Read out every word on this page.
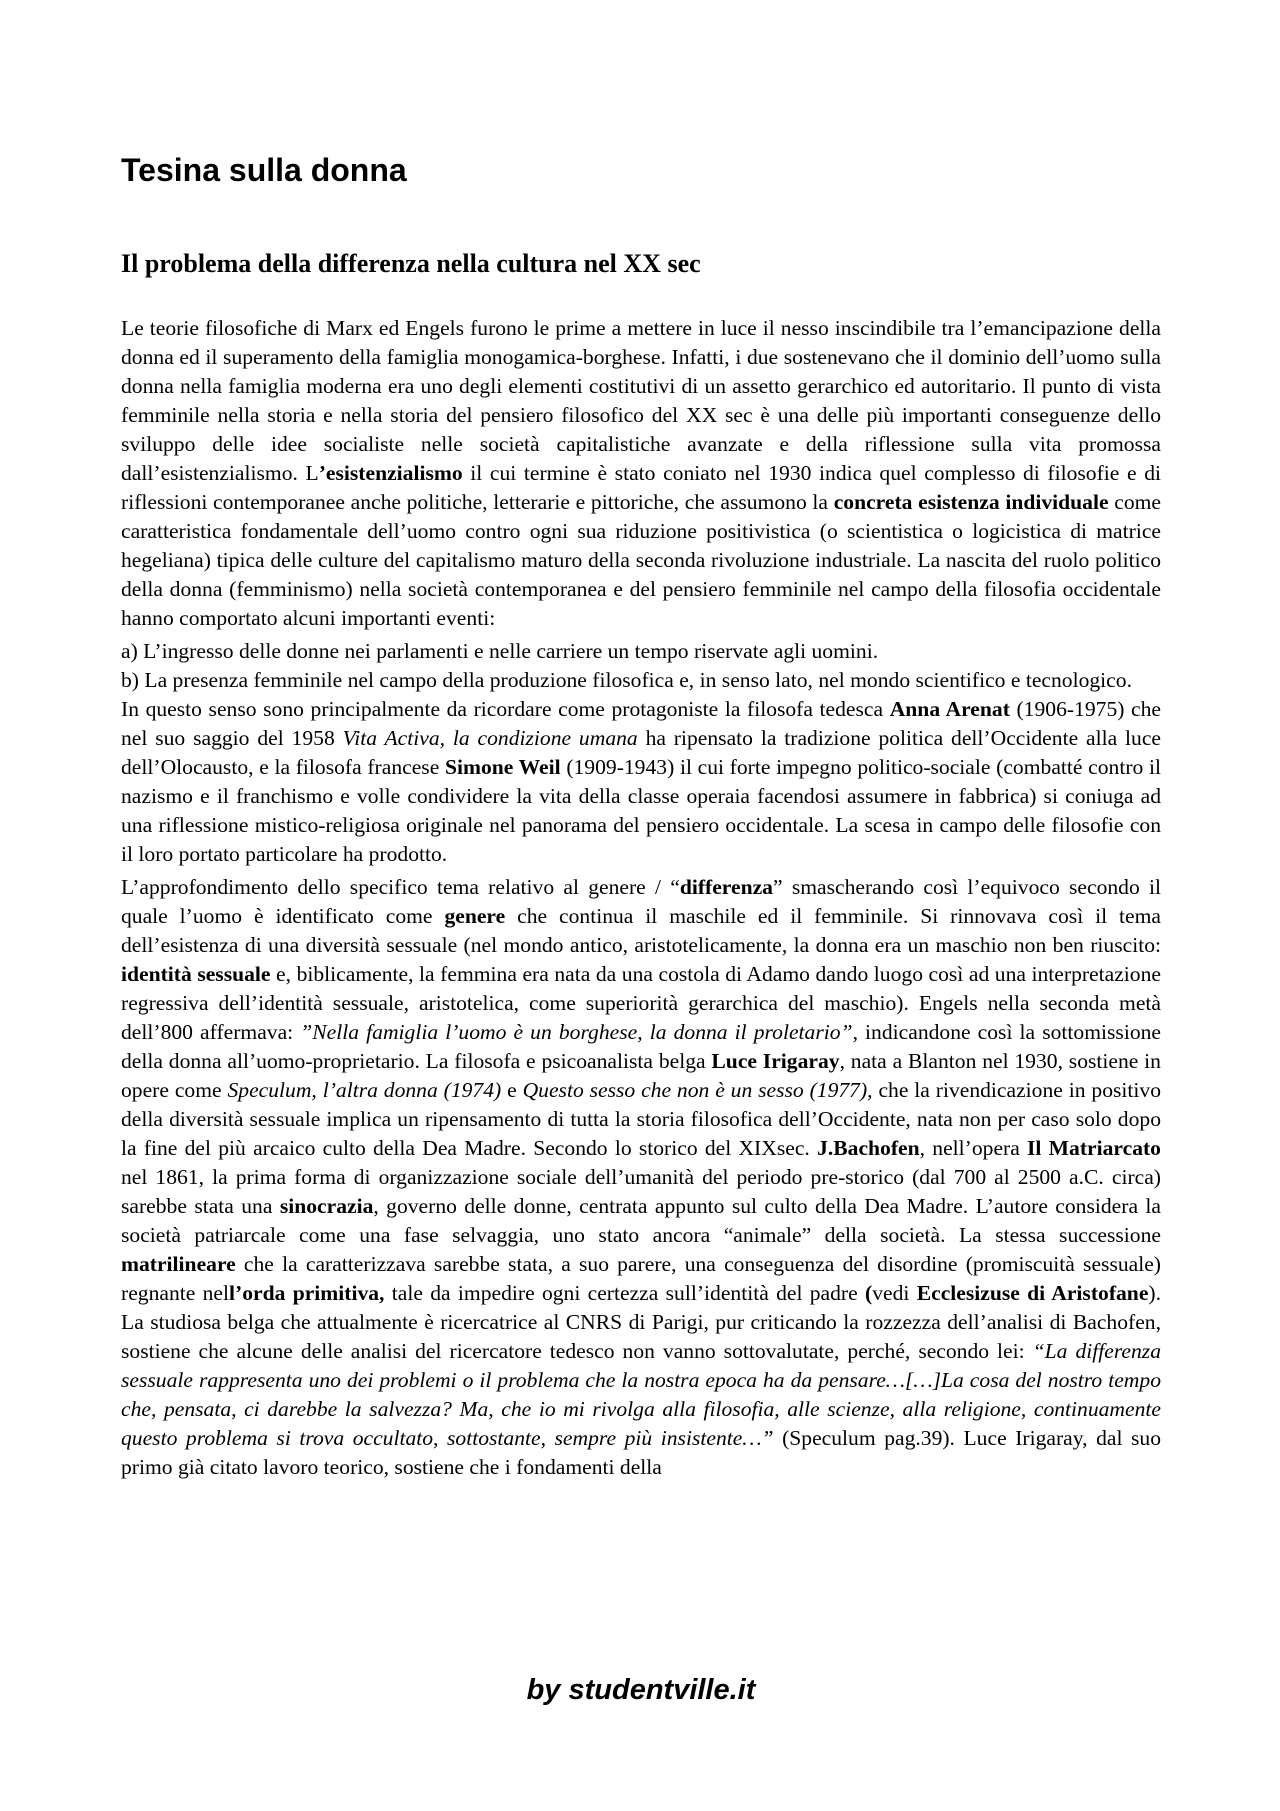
Tesina sulla donna
Il problema della differenza nella cultura nel XX sec

Le teorie filosofiche di Marx ed Engels furono le prime a mettere in luce il nesso inscindibile tra l’emancipazione della donna ed il superamento della famiglia monogamica-borghese. Infatti, i due sostenevano che il dominio dell’uomo sulla donna nella famiglia moderna era uno degli elementi costitutivi di un assetto gerarchico ed autoritario. Il punto di vista femminile nella storia e nella storia del pensiero filosofico del XX sec è una delle più importanti conseguenze dello sviluppo delle idee socialiste nelle società capitalistiche avanzate e della riflessione sulla vita promossa dall’esistenzialismo. L’esistenzialismo il cui termine è stato coniato nel 1930 indica quel complesso di filosofie e di riflessioni contemporanee anche politiche, letterarie e pittoriche, che assumono la concreta esistenza individuale come caratteristica fondamentale dell’uomo contro ogni sua riduzione positivistica (o scientistica o logicistica di matrice hegeliana) tipica delle culture del capitalismo maturo della seconda rivoluzione industriale. La nascita del ruolo politico della donna (femminismo) nella società contemporanea e del pensiero femminile nel campo della filosofia occidentale hanno comportato alcuni importanti eventi:

a) L’ingresso delle donne nei parlamenti e nelle carriere un tempo riservate agli uomini.

b) La presenza femminile nel campo della produzione filosofica e, in senso lato, nel mondo scientifico e tecnologico.

In questo senso sono principalmente da ricordare come protagoniste la filosofa tedesca Anna Arenat (1906-1975) che nel suo saggio del 1958 Vita Activa, la condizione umana ha ripensato la tradizione politica dell’Occidente alla luce dell’Olocausto, e la filosofa francese Simone Weil (1909-1943) il cui forte impegno politico-sociale (combatté contro il nazismo e il franchismo e volle condividere la vita della classe operaia facendosi assumere in fabbrica) si coniuga ad una riflessione mistico-religiosa originale nel panorama del pensiero occidentale. La scesa in campo delle filosofie con il loro portato particolare ha prodotto.

L’approfondimento dello specifico tema relativo al genere / “differenza” smascherando così l’equivoco secondo il quale l’uomo è identificato come genere che continua il maschile ed il femminile. Si rinnovava così il tema dell’esistenza di una diversità sessuale (nel mondo antico, aristotelicamente, la donna era un maschio non ben riuscito: identità sessuale e, biblicamente, la femmina era nata da una costola di Adamo dando luogo così ad una interpretazione regressiva dell’identità sessuale, aristotelica, come superiorità gerarchica del maschio). Engels nella seconda metà dell’800 affermava: ”Nella famiglia l’uomo è un borghese, la donna il proletario”, indicandone così la sottomissione della donna all’uomo-proprietario. La filosofa e psicoanalista belga Luce Irigaray, nata a Blanton nel 1930, sostiene in opere come Speculum, l’altra donna (1974) e Questo sesso che non è un sesso (1977), che la rivendicazione in positivo della diversità sessuale implica un ripensamento di tutta la storia filosofica dell’Occidente, nata non per caso solo dopo la fine del più arcaico culto della Dea Madre. Secondo lo storico del XIXsec. J.Bachofen, nell’opera Il Matriarcato nel 1861, la prima forma di organizzazione sociale dell’umanità del periodo pre-storico (dal 700 al 2500 a.C. circa) sarebbe stata una sinocrazia, governo delle donne, centrata appunto sul culto della Dea Madre. L’autore considera la società patriarcale come una fase selvaggia, uno stato ancora “animale” della società. La stessa successione matrilineare che la caratterizzava sarebbe stata, a suo parere, una conseguenza del disordine (promiscuità sessuale) regnante nell’orda primitiva, tale da impedire ogni certezza sull’identità del padre (vedi Ecclesizuse di Aristofane). La studiosa belga che attualmente è ricercatrice al CNRS di Parigi, pur criticando la rozzezza dell’analisi di Bachofen, sostiene che alcune delle analisi del ricercatore tedesco non vanno sottovalutate, perché, secondo lei: “La differenza sessuale rappresenta uno dei problemi o il problema che la nostra epoca ha da pensare…[…]La cosa del nostro tempo che, pensata, ci darebbe la salvezza? Ma, che io mi rivolga alla filosofia, alle scienze, alla religione, continuamente questo problema si trova occultato, sottostante, sempre più insistente…” (Speculum pag.39). Luce Irigaray, dal suo primo già citato lavoro teorico, sostiene che i fondamenti della

by studentville.it
